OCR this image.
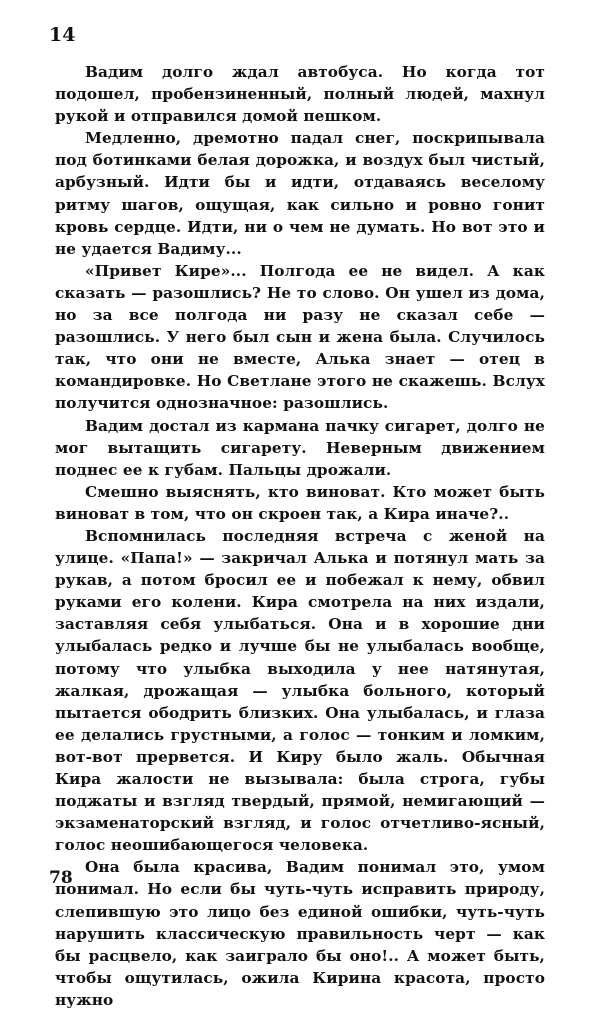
14

Вадим долго ждал автобуса. Но когда тот подошел, пробензиненный, полный людей, махнул рукой и отправился домой пешком.

Медленно, дремотно падал снег, поскрипывала под ботинками белая дорожка, и воздух был чистый, арбузный. Идти бы и идти, отдаваясь веселому ритму шагов, ощущая, как сильно и ровно гонит кровь сердце. Идти, ни о чем не думать. Но вот это и не удается Вадиму...

«Привет Кире»... Полгода ее не видел. А как сказать — разошлись? Не то слово. Он ушел из дома, но за все полгода ни разу не сказал себе — разошлись. У него был сын и жена была. Случилось так, что они не вместе, Алька знает — отец в командировке. Но Светлане этого не скажешь. Вслух получится однозначное: разошлись.

Вадим достал из кармана пачку сигарет, долго не мог вытащить сигарету. Неверным движением поднес ее к губам. Пальцы дрожали.

Смешно выяснять, кто виноват. Кто может быть виноват в том, что он скроен так, а Кира иначе?..

Вспомнилась последняя встреча с женой на улице. «Папа!» — закричал Алька и потянул мать за рукав, а потом бросил ее и побежал к нему, обвил руками его колени. Кира смотрела на них издали, заставляя себя улыбаться. Она и в хорошие дни улыбалась редко и лучше бы не улыбалась вообще, потому что улыбка выходила у нее натянутая, жалкая, дрожащая — улыбка больного, который пытается ободрить близких. Она улыбалась, и глаза ее делались грустными, а голос — тонким и ломким, вот-вот прервется. И Киру было жаль. Обычная Кира жалости не вызывала: была строга, губы поджаты и взгляд твердый, прямой, немигающий — экзаменаторский взгляд, и голос отчетливо-ясный, голос неошибающегося человека.

Она была красива, Вадим понимал это, умом понимал. Но если бы чуть-чуть исправить природу, слепившую это лицо без единой ошибки, чуть-чуть нарушить классическую правильность черт — как бы расцвело, как заиграло бы оно!.. А может быть, чтобы ощутилась, ожила Кирина красота, просто нужно

78
